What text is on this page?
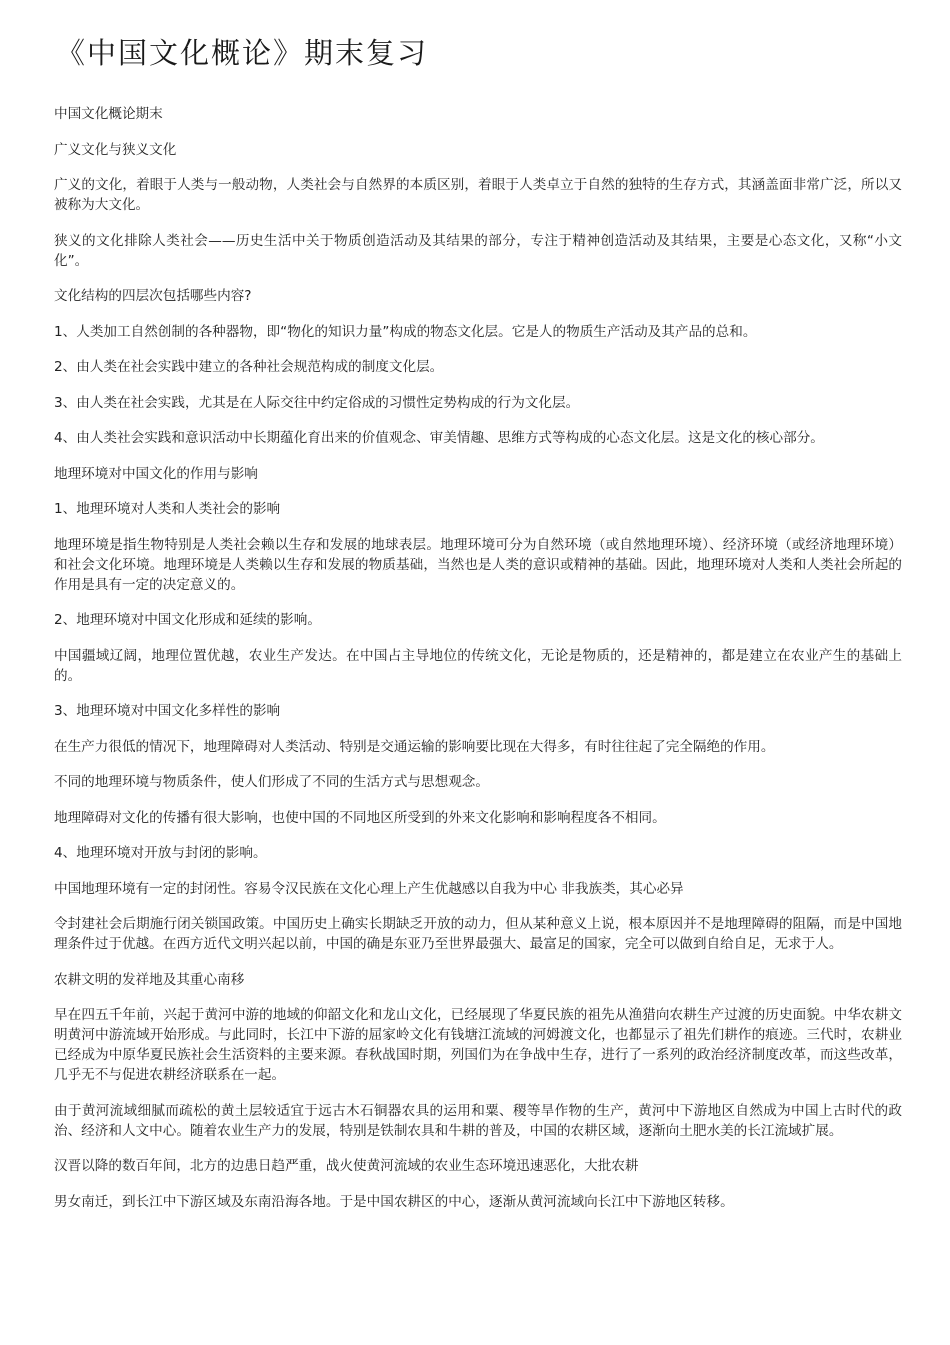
《中国文化概论》期末复习

中国文化概论期末

广义文化与狭义文化

广义的文化，着眼于人类与一般动物，人类社会与自然界的本质区别，着眼于人类卓立于自然的独特的生存方式，其涵盖面非常广泛，所以又被称为大文化。

狭义的文化排除人类社会——历史生活中关于物质创造活动及其结果的部分，专注于精神创造活动及其结果，主要是心态文化，又称“小文化”。

文化结构的四层次包括哪些内容?

1、人类加工自然创制的各种器物，即“物化的知识力量”构成的物态文化层。它是人的物质生产活动及其产品的总和。

2、由人类在社会实践中建立的各种社会规范构成的制度文化层。

3、由人类在社会实践，尤其是在人际交往中约定俗成的习惯性定势构成的行为文化层。

4、由人类社会实践和意识活动中长期蕴化育出来的价值观念、审美情趣、思维方式等构成的心态文化层。这是文化的核心部分。

地理环境对中国文化的作用与影响

1、地理环境对人类和人类社会的影响

地理环境是指生物特别是人类社会赖以生存和发展的地球表层。地理环境可分为自然环境（或自然地理环境）、经济环境（或经济地理环境）和社会文化环境。地理环境是人类赖以生存和发展的物质基础，当然也是人类的意识或精神的基础。因此，地理环境对人类和人类社会所起的作用是具有一定的决定意义的。

2、地理环境对中国文化形成和延续的影响。

中国疆域辽阔，地理位置优越，农业生产发达。在中国占主导地位的传统文化，无论是物质的，还是精神的，都是建立在农业产生的基础上的。

3、地理环境对中国文化多样性的影响

在生产力很低的情况下，地理障碍对人类活动、特别是交通运输的影响要比现在大得多，有时往往起了完全隔绝的作用。

不同的地理环境与物质条件，使人们形成了不同的生活方式与思想观念。

地理障碍对文化的传播有很大影响，也使中国的不同地区所受到的外来文化影响和影响程度各不相同。

4、地理环境对开放与封闭的影响。

中国地理环境有一定的封闭性。容易令汉民族在文化心理上产生优越感以自我为中心 非我族类，其心必异

令封建社会后期施行闭关锁国政策。中国历史上确实长期缺乏开放的动力，但从某种意义上说，根本原因并不是地理障碍的阻隔，而是中国地理条件过于优越。在西方近代文明兴起以前，中国的确是东亚乃至世界最强大、最富足的国家，完全可以做到自给自足，无求于人。

农耕文明的发祥地及其重心南移

早在四五千年前，兴起于黄河中游的地域的仰韶文化和龙山文化，已经展现了华夏民族的祖先从渔猎向农耕生产过渡的历史面貌。中华农耕文明黄河中游流域开始形成。与此同时，长江中下游的屈家岭文化有钱塘江流域的河姆渡文化，也都显示了祖先们耕作的痕迹。三代时，农耕业已经成为中原华夏民族社会生活资料的主要来源。春秋战国时期，列国们为在争战中生存，进行了一系列的政治经济制度改革，而这些改革，几乎无不与促进农耕经济联系在一起。

由于黄河流域细腻而疏松的黄土层较适宜于远古木石铜器农具的运用和粟、稷等旱作物的生产，黄河中下游地区自然成为中国上古时代的政治、经济和人文中心。随着农业生产力的发展，特别是铁制农具和牛耕的普及，中国的农耕区域，逐渐向土肥水美的长江流域扩展。

汉晋以降的数百年间，北方的边患日趋严重，战火使黄河流域的农业生态环境迅速恶化，大批农耕

男女南迁，到长江中下游区域及东南沿海各地。于是中国农耕区的中心，逐渐从黄河流域向长江中下游地区转移。
